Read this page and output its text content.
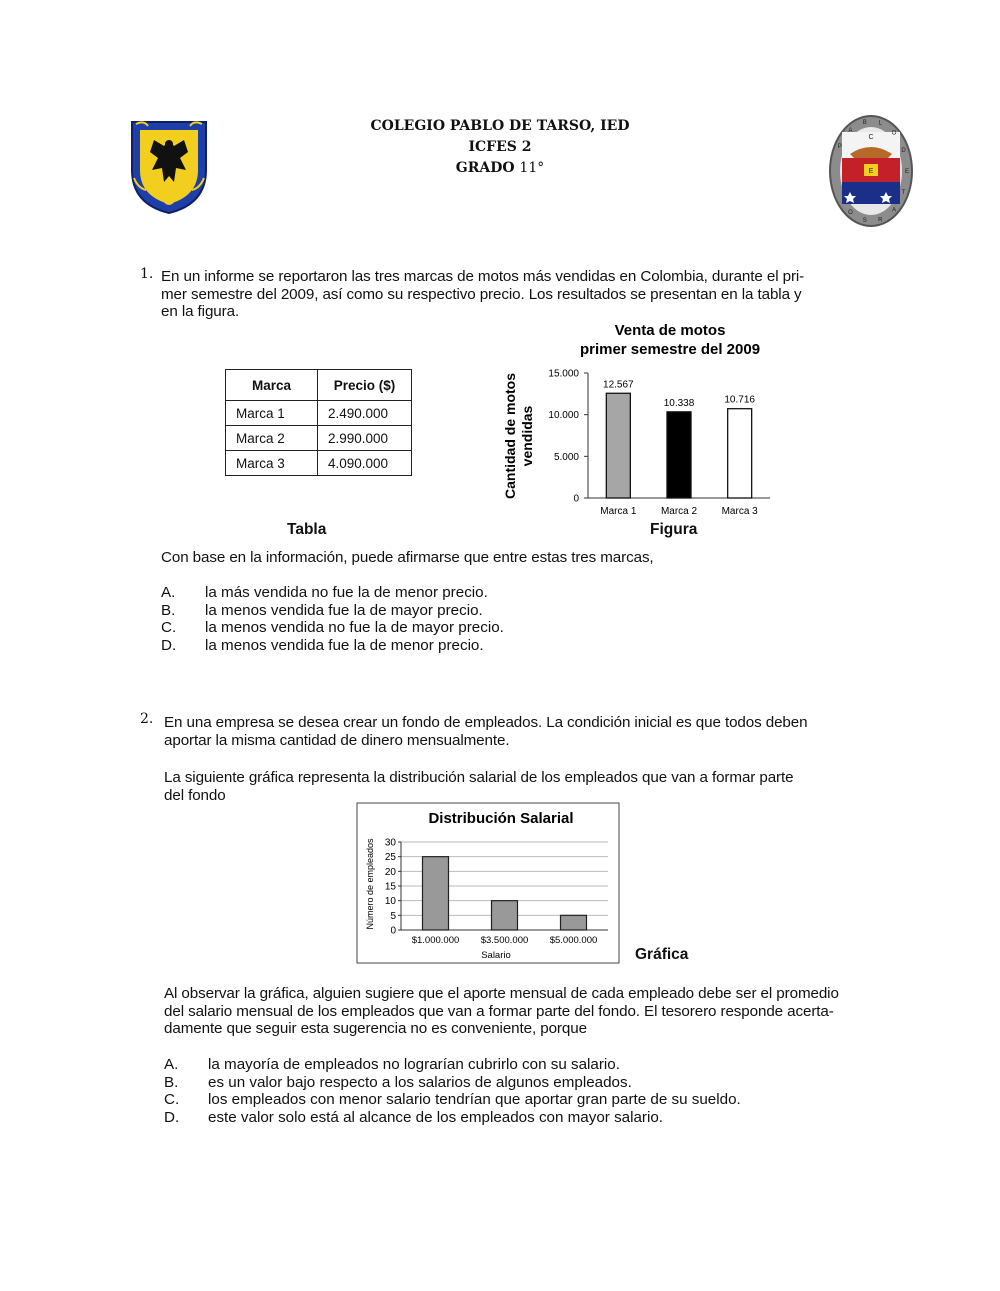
COLEGIO PABLO DE TARSO, IED
ICFES 2
GRADO 11°
P
A
B L
O
D
E
T
A
R
S
O
C
E
1. En un informe se reportaron las tres marcas de motos más vendidas en Colombia, durante el pri-
mer semestre del 2009, así como su respectivo precio. Los resultados se presentan en la tabla y
en la figura.
Marca	Precio ($)
Marca 1	2.490.000
Marca 2	2.990.000
Marca 3	4.090.000
Tabla
Venta de motos
primer semestre del 2009
Cantidad de motos vendidas
0
5.000
10.000
15.000
12.567
Marca 1
10.338
Marca 2
10.716
Marca 3
Figura
Con base en la información, puede afirmarse que entre estas tres marcas,
A. la más vendida no fue la de menor precio.
B. la menos vendida fue la de mayor precio.
C. la menos vendida no fue la de mayor precio.
D. la menos vendida fue la de menor precio.
2. En una empresa se desea crear un fondo de empleados. La condición inicial es que todos deben
aportar la misma cantidad de dinero mensualmente.
La siguiente gráfica representa la distribución salarial de los empleados que van a formar parte
del fondo
Distribución Salarial
Número de empleados
0
5
10
15
20
25
30
$1.000.000 $3.500.000 $5.000.000
Salario	Gráfica
Al observar la gráfica, alguien sugiere que el aporte mensual de cada empleado debe ser el promedio
del salario mensual de los empleados que van a formar parte del fondo. El tesorero responde acerta-
damente que seguir esta sugerencia no es conveniente, porque
A. la mayoría de empleados no lograrían cubrirlo con su salario.
B. es un valor bajo respecto a los salarios de algunos empleados.
C. los empleados con menor salario tendrían que aportar gran parte de su sueldo.
D. este valor solo está al alcance de los empleados con mayor salario.
